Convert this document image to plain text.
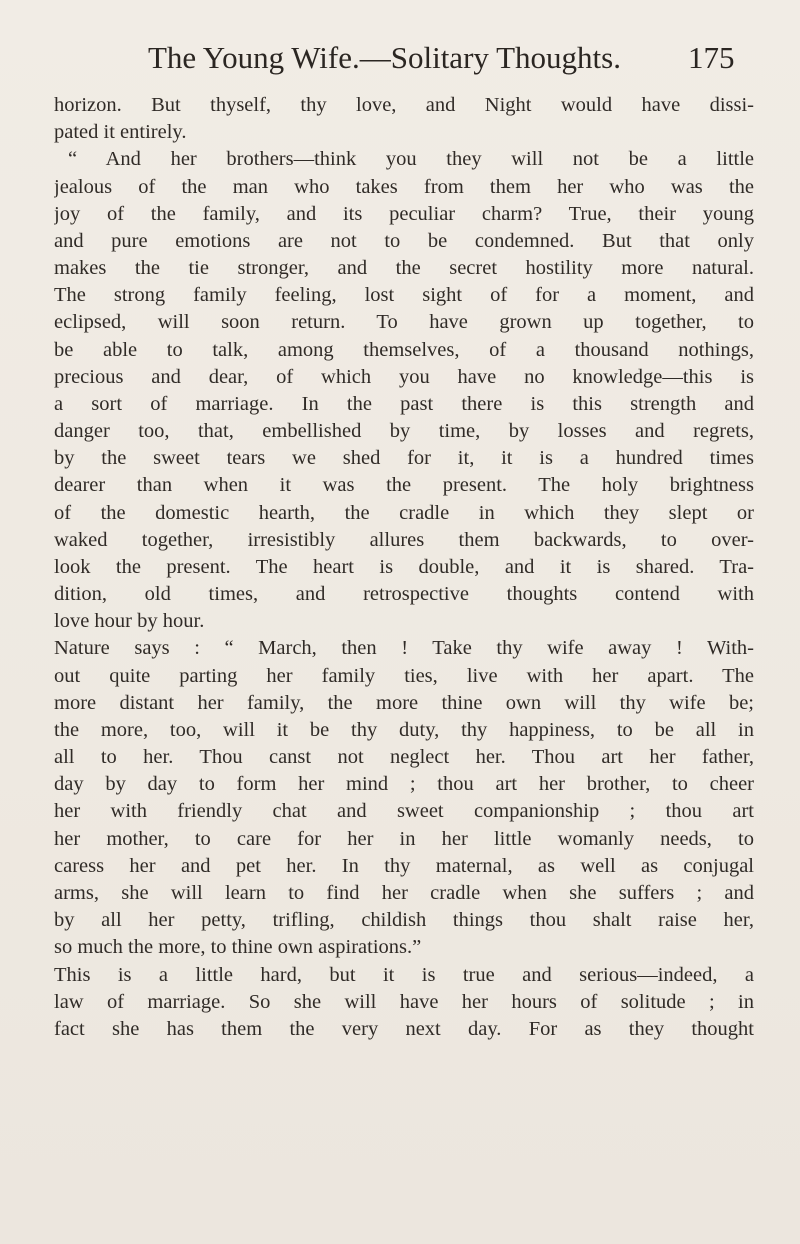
The Young Wife.—Solitary Thoughts. 175
horizon. But thyself, thy love, and Night would have dissi-
pated it entirely.
“ And her brothers—think you they will not be a little
jealous of the man who takes from them her who was the
joy of the family, and its peculiar charm? True, their young
and pure emotions are not to be condemned. But that only
makes the tie stronger, and the secret hostility more natural.
The strong family feeling, lost sight of for a moment, and
eclipsed, will soon return. To have grown up together, to
be able to talk, among themselves, of a thousand nothings,
precious and dear, of which you have no knowledge—this is
a sort of marriage. In the past there is this strength and
danger too, that, embellished by time, by losses and regrets,
by the sweet tears we shed for it, it is a hundred times
dearer than when it was the present. The holy brightness
of the domestic hearth, the cradle in which they slept or
waked together, irresistibly allures them backwards, to over-
look the present. The heart is double, and it is shared. Tra-
dition, old times, and retrospective thoughts contend with
love hour by hour.
Nature says : “ March, then ! Take thy wife away ! With-
out quite parting her family ties, live with her apart. The
more distant her family, the more thine own will thy wife be;
the more, too, will it be thy duty, thy happiness, to be all in
all to her. Thou canst not neglect her. Thou art her father,
day by day to form her mind ; thou art her brother, to cheer
her with friendly chat and sweet companionship ; thou art
her mother, to care for her in her little womanly needs, to
caress her and pet her. In thy maternal, as well as conjugal
arms, she will learn to find her cradle when she suffers ; and
by all her petty, trifling, childish things thou shalt raise her,
so much the more, to thine own aspirations.”
This is a little hard, but it is true and serious—indeed, a
law of marriage. So she will have her hours of solitude ; in
fact she has them the very next day. For as they thought
